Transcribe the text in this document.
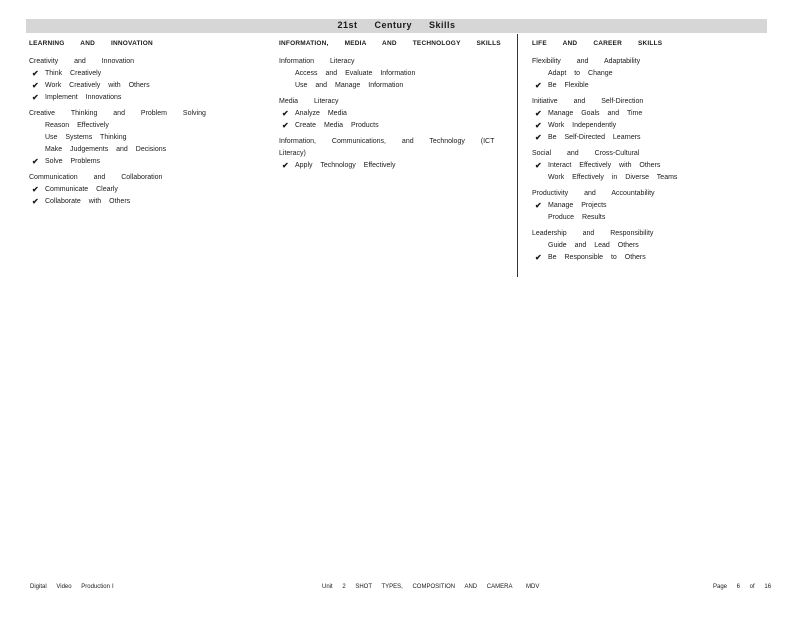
21st Century Skills
LEARNING AND INNOVATION
Creativity and Innovation
✔ Think Creatively
✔ Work Creatively with Others
✔ Implement Innovations
Creative Thinking and Problem Solving
Reason Effectively
Use Systems Thinking
Make Judgements and Decisions
✔ Solve Problems
Communication and Collaboration
✔ Communicate Clearly
✔ Collaborate with Others
INFORMATION, MEDIA AND TECHNOLOGY SKILLS
Information Literacy
Access and Evaluate Information
Use and Manage Information
Media Literacy
✔ Analyze Media
✔ Create Media Products
Information, Communications, and Technology (ICT Literacy)
✔ Apply Technology Effectively
LIFE AND CAREER SKILLS
Flexibility and Adaptability
Adapt to Change
✔ Be Flexible
Initiative and Self-Direction
✔ Manage Goals and Time
✔ Work Independently
✔ Be Self-Directed Learners
Social and Cross-Cultural
✔ Interact Effectively with Others
Work Effectively in Diverse Teams
Productivity and Accountability
✔ Manage Projects
Produce Results
Leadership and Responsibility
Guide and Lead Others
✔ Be Responsible to Others
Digital Video Production I	Unit 2 SHOT TYPES, COMPOSITION AND CAMERA MDV	Page 6 of 16
